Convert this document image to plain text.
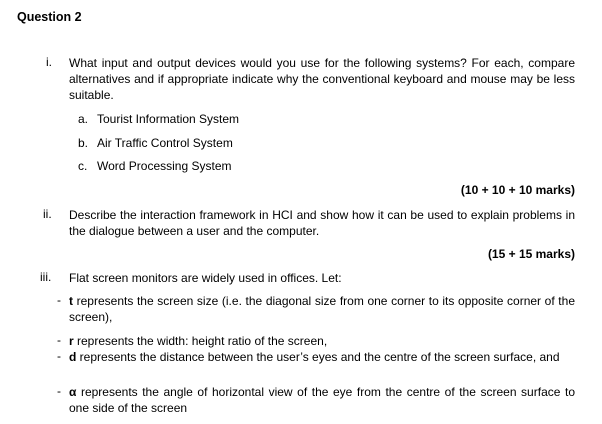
Question 2
i. What input and output devices would you use for the following systems? For each, compare alternatives and if appropriate indicate why the conventional keyboard and mouse may be less suitable.
a. Tourist Information System
b. Air Traffic Control System
c. Word Processing System
(10 + 10 + 10 marks)
ii. Describe the interaction framework in HCI and show how it can be used to explain problems in the dialogue between a user and the computer.
(15 + 15 marks)
iii. Flat screen monitors are widely used in offices. Let:
- t represents the screen size (i.e. the diagonal size from one corner to its opposite corner of the screen),
- r represents the width: height ratio of the screen,
- d represents the distance between the user’s eyes and the centre of the screen surface, and
- α represents the angle of horizontal view of the eye from the centre of the screen surface to one side of the screen
